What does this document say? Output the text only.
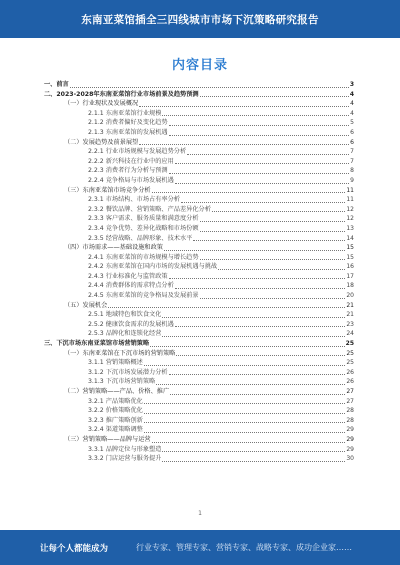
东南亚菜馆插全三四线城市市场下沉策略研究报告
内容目录
一、前言	3
二、2023-2028年东南亚菜馆行业市场前景及趋势预测	4
（一）行业现状及发展概况	4
2.1.1 东南亚菜馆行业规模	4
2.1.2 消费者偏好及变化趋势	5
2.1.3 东南亚菜馆的发展机遇	6
（二）发展趋势及前景展望	6
2.2.1 行业市场规模与发展趋势分析	7
2.2.2 新兴科技在行业中的应用	7
2.2.3 消费者行为分析与预测	8
2.2.4 竞争格局与市场发展机遇	9
（三）东南亚菜馆市场竞争分析	11
2.3.1 市场结构、市场占有率分析	11
2.3.2 餐饮品牌、营销策略、产品差异化分析	12
2.3.3 客户需求、服务质量和满意度分析	12
2.3.4 竞争优势、差异化战略和市场份额	13
2.3.5 经营战略、品牌形象、技术水平	14
（四）市场需求——基础设施和政策	15
2.4.1 东南亚菜馆的市场规模与增长趋势	15
2.4.2 东南亚菜馆在国内市场的发展机遇与挑战	16
2.4.3 行业标准化与监管政策	17
2.4.4 消费群体的需求特点分析	18
2.4.5 东南亚菜馆的竞争格局及发展前景	20
（五）发展机会	21
2.5.1 地域特色和饮食文化	21
2.5.2 健康饮食需求的发展机遇	23
2.5.3 品牌化和连锁化经营	24
三、下沉市场东南亚菜馆市场营销策略	25
（一）东南亚菜馆在下沉市场的营销策略	25
3.1.1 营销策略概述	25
3.1.2 下沉市场发展潜力分析	26
3.1.3 下沉市场营销策略	26
（二）营销策略——产品、价格、推广	27
3.2.1 产品策略优化	27
3.2.2 价格策略优化	28
3.2.3 推广策略创新	28
3.2.4 渠道策略调整	29
（三）营销策略——品牌与运营	29
3.3.1 品牌定位与形象塑造	29
3.3.2 门店运营与服务提升	30
1
让每个人都能成为	行业专家、管理专家、营销专家、战略专家、成功企业家……
